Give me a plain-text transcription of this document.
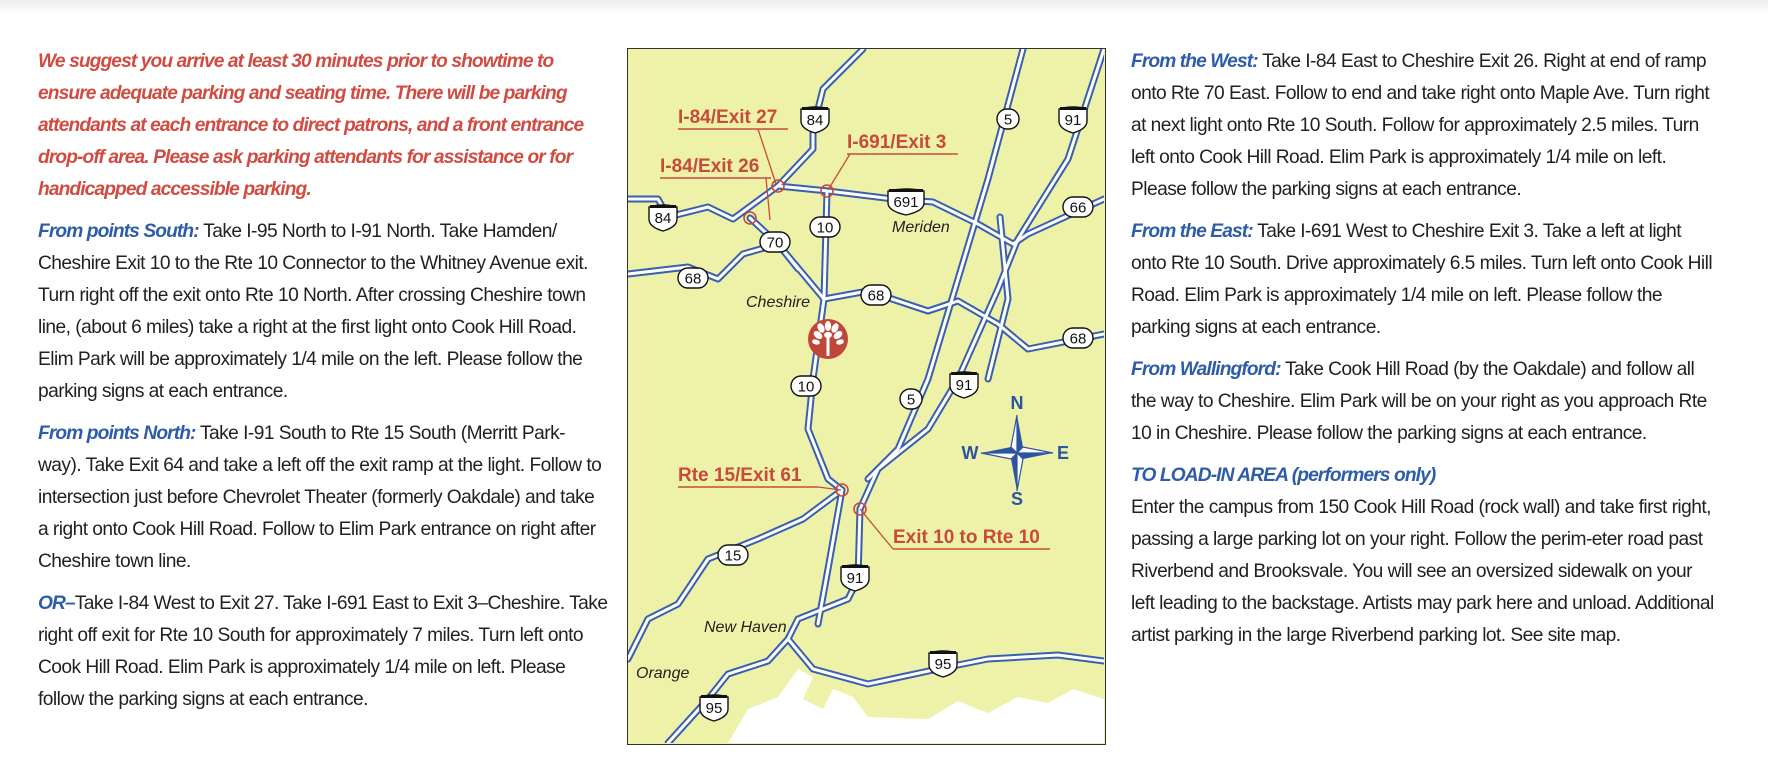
We suggest you arrive at least 30 minutes prior to showtime to ensure adequate parking and seating time. There will be parking attendants at each entrance to direct patrons, and a front entrance drop-off area. Please ask parking attendants for assistance or for handicapped accessible parking.

From points South: Take I-95 North to I-91 North. Take Hamden/ Cheshire Exit 10 to the Rte 10 Connector to the Whitney Avenue exit. Turn right off the exit onto Rte 10 North. After crossing Cheshire town line, (about 6 miles) take a right at the first light onto Cook Hill Road. Elim Park will be approximately 1/4 mile on the left. Please follow the parking signs at each entrance.

From points North: Take I-91 South to Rte 15 South (Merritt Park-way). Take Exit 64 and take a left off the exit ramp at the light. Follow to intersection just before Chevrolet Theater (formerly Oakdale) and take a right onto Cook Hill Road. Follow to Elim Park entrance on right after Cheshire town line.

OR–Take I-84 West to Exit 27. Take I-691 East to Exit 3–Cheshire. Take right off exit for Rte 10 South for approximately 7 miles. Turn left onto Cook Hill Road. Elim Park is approximately 1/4 mile on left. Please follow the parking signs at each entrance.

I-84/Exit 27
I-691/Exit 3
I-84/Exit 26
Rte 15/Exit 61
Exit 10 to Rte 10
Meriden
Cheshire
New Haven
Orange
84	91
691
84
91
91
95
95
5
66
10
70
68
68
68
10
5
15
N
S
E
W

From the West: Take I-84 East to Cheshire Exit 26. Right at end of ramp onto Rte 70 East. Follow to end and take right onto Maple Ave. Turn right at next light onto Rte 10 South. Follow for approximately 2.5 miles. Turn left onto Cook Hill Road. Elim Park is approximately 1/4 mile on left. Please follow the parking signs at each entrance.

From the East: Take I-691 West to Cheshire Exit 3. Take a left at light onto Rte 10 South. Drive approximately 6.5 miles. Turn left onto Cook Hill Road. Elim Park is approximately 1/4 mile on left. Please follow the parking signs at each entrance.

From Wallingford: Take Cook Hill Road (by the Oakdale) and follow all the way to Cheshire. Elim Park will be on your right as you approach Rte 10 in Cheshire. Please follow the parking signs at each entrance.

TO LOAD-IN AREA (performers only)

Enter the campus from 150 Cook Hill Road (rock wall) and take first right, passing a large parking lot on your right. Follow the perim-eter road past Riverbend and Brooksvale. You will see an oversized sidewalk on your left leading to the backstage. Artists may park here and unload. Additional artist parking in the large Riverbend parking lot. See site map.
